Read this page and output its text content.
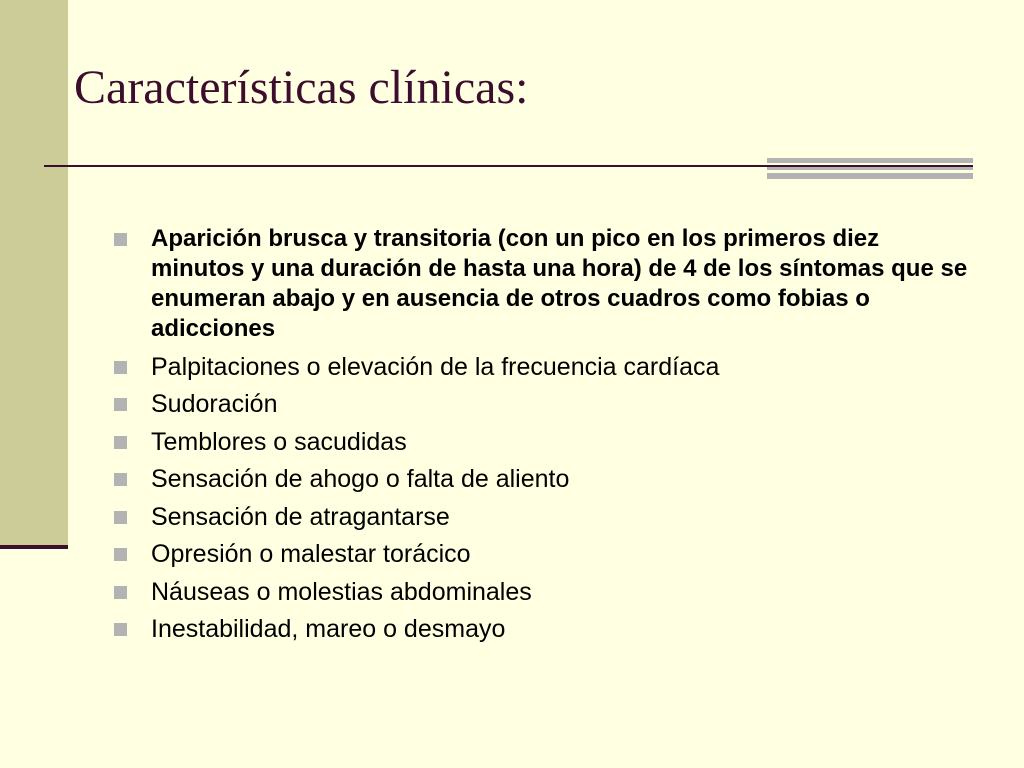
Características clínicas:
Aparición brusca y transitoria (con un pico en los primeros diez minutos y una duración de hasta una hora) de 4 de los síntomas que se enumeran abajo y en ausencia de otros cuadros como fobias o adicciones
Palpitaciones o elevación de la frecuencia cardíaca
Sudoración
Temblores o sacudidas
Sensación de ahogo o falta de aliento
Sensación de atragantarse
Opresión o malestar torácico
Náuseas o molestias abdominales
Inestabilidad, mareo o desmayo
